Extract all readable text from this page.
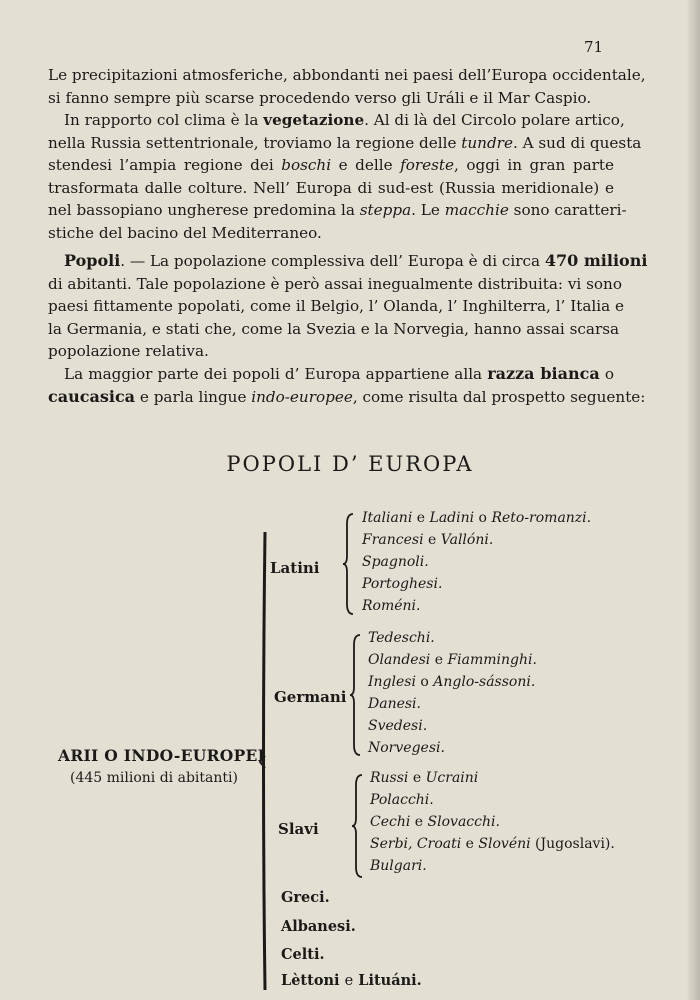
71

Le precipitazioni atmosferiche, abbondanti nei paesi dell’Europa occidentale,
si fanno sempre più scarse procedendo verso gli Uráli e il Mar Caspio.

In rapporto col clima è la vegetazione. Al di là del Circolo polare artico,
nella Russia settentrionale, troviamo la regione delle tundre. A sud di questa
stendesi l’ampia regione dei boschi e delle foreste, oggi in gran parte
trasformata dalle colture. Nell’ Europa di sud-est (Russia meridionale) e
nel bassopiano ungherese predomina la steppa. Le macchie sono caratteri-
stiche del bacino del Mediterraneo.

Popoli. — La popolazione complessiva dell’ Europa è di circa 470 milioni
di abitanti. Tale popolazione è però assai inegualmente distribuita: vi sono
paesi fittamente popolati, come il Belgio, l’ Olanda, l’ Inghilterra, l’ Italia e
la Germania, e stati che, come la Svezia e la Norvegia, hanno assai scarsa
popolazione relativa.

La maggior parte dei popoli d’ Europa appartiene alla razza bianca o
caucasica e parla lingue indo-europee, come risulta dal prospetto seguente:

POPOLI D’ EUROPA
ARII O INDO-EUROPEI
(445 milioni di abitanti)
Latini
Italiani e Ladini o Reto-romanzi.
Francesi e Vallóni.
Spagnoli.
Portoghesi.
Roméni.
Germani
Tedeschi.
Olandesi e Fiamminghi.
Inglesi o Anglo-sássoni.
Danesi.
Svedesi.
Norvegesi.
Slavi
Russi e Ucraini
Polacchi.
Cechi e Slovacchi.
Serbi, Croati e Slovéni (Jugoslavi).
Bulgari.
Greci.
Albanesi.
Celti.
Lèttoni e Lituáni.
